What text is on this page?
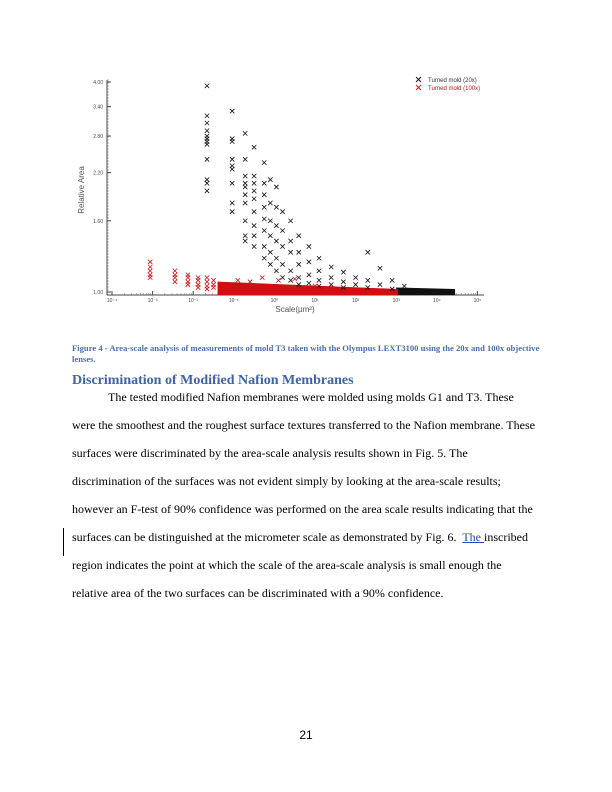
1.00
1.60
2.20
2.80
3.40
4.00
10⁻⁴	10⁻³	10⁻²	10⁻¹	10⁰	10¹	10²	10³	10⁴	10⁵
Relative Area
Scale(µm²)
Turned mold (20x)
Turned mold (100x)
Figure 4 - Area-scale analysis of measurements of mold T3 taken with the Olympus LEXT3100 using the 20x and 100x objective lenses.
Discrimination of Modified Nafion Membranes
The tested modified Nafion membranes were molded using molds G1 and T3. These
were the smoothest and the roughest surface textures transferred to the Nafion membrane. These
surfaces were discriminated by the area-scale analysis results shown in Fig. 5. The
discrimination of the surfaces was not evident simply by looking at the area-scale results;
however an F-test of 90% confidence was performed on the area scale results indicating that the
surfaces can be distinguished at the micrometer scale as demonstrated by Fig. 6.  The inscribed
region indicates the point at which the scale of the area-scale analysis is small enough the
relative area of the two surfaces can be discriminated with a 90% confidence.
21
